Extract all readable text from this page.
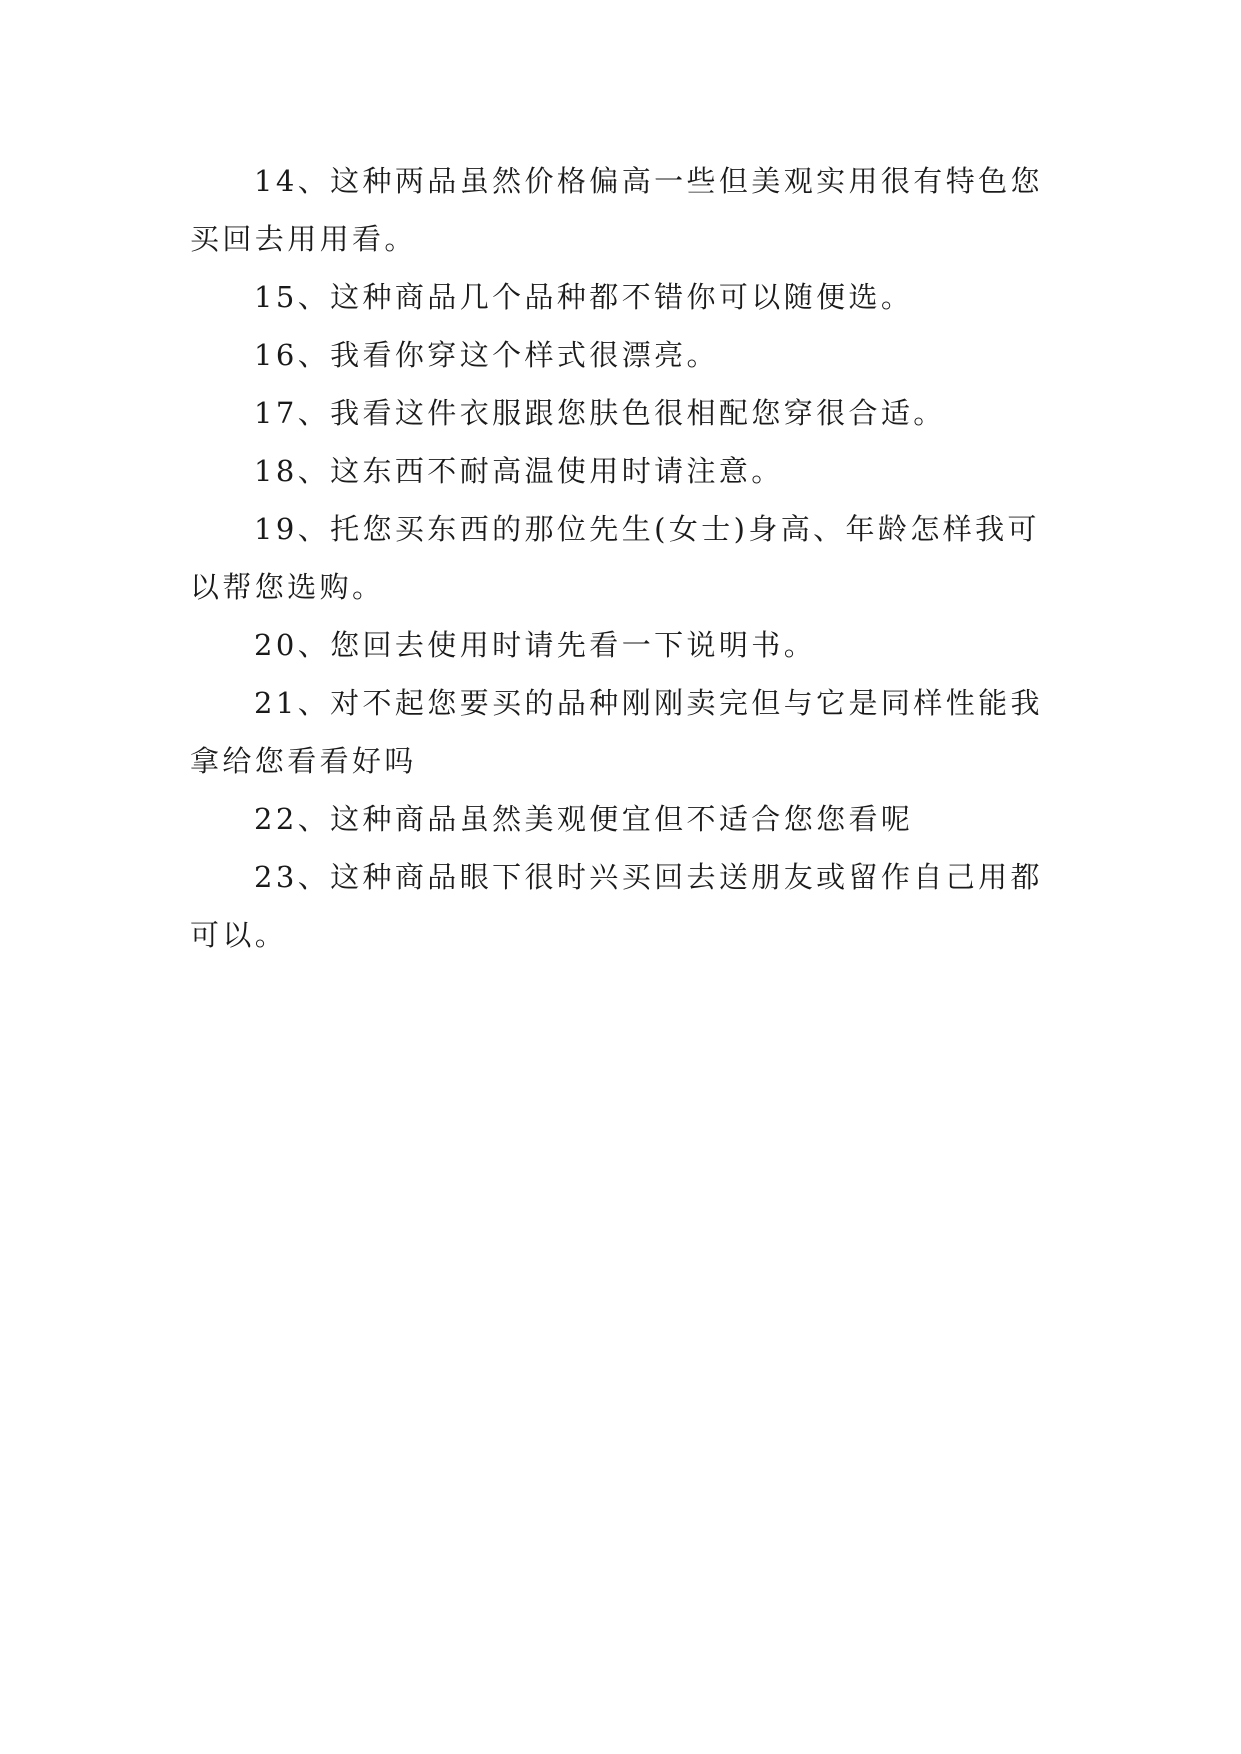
14、这种两品虽然价格偏高一些但美观实用很有特色您买回去用用看。

15、这种商品几个品种都不错你可以随便选。

16、我看你穿这个样式很漂亮。

17、我看这件衣服跟您肤色很相配您穿很合适。

18、这东西不耐高温使用时请注意。

19、托您买东西的那位先生(女士)身高、年龄怎样我可以帮您选购。

20、您回去使用时请先看一下说明书。

21、对不起您要买的品种刚刚卖完但与它是同样性能我拿给您看看好吗

22、这种商品虽然美观便宜但不适合您您看呢

23、这种商品眼下很时兴买回去送朋友或留作自己用都可以。
